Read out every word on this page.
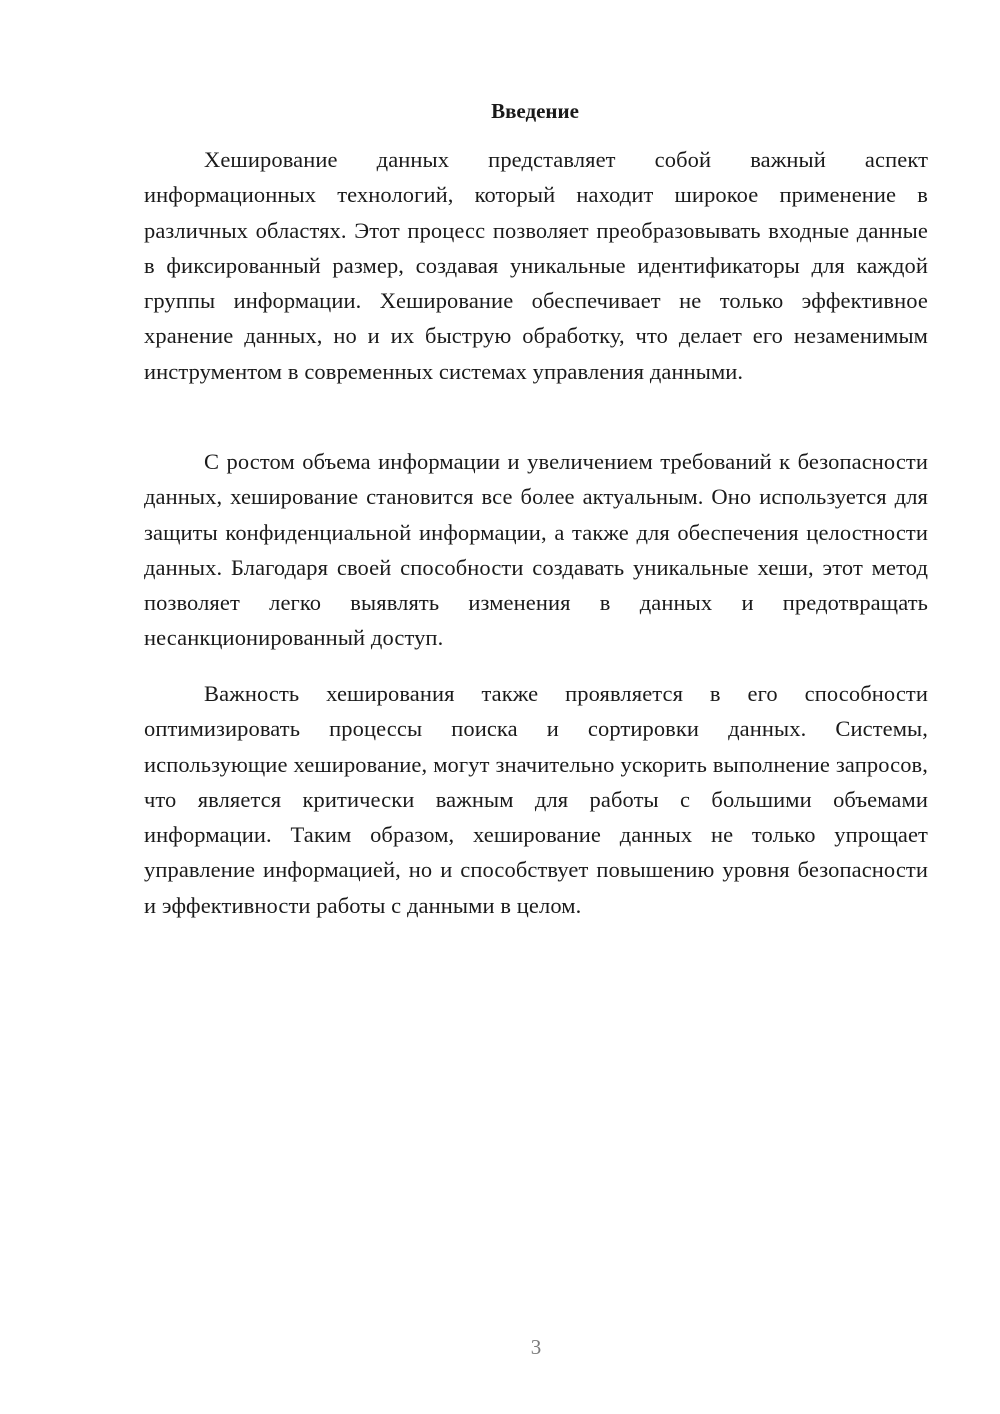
Введение

Хеширование данных представляет собой важный аспект информационных технологий, который находит широкое применение в различных областях. Этот процесс позволяет преобразовывать входные данные в фиксированный размер, создавая уникальные идентификаторы для каждой группы информации. Хеширование обеспечивает не только эффективное хранение данных, но и их быструю обработку, что делает его незаменимым инструментом в современных системах управления данными.

С ростом объема информации и увеличением требований к безопасности данных, хеширование становится все более актуальным. Оно используется для защиты конфиденциальной информации, а также для обеспечения целостности данных. Благодаря своей способности создавать уникальные хеши, этот метод позволяет легко выявлять изменения в данных и предотвращать несанкционированный доступ.

Важность хеширования также проявляется в его способности оптимизировать процессы поиска и сортировки данных. Системы, использующие хеширование, могут значительно ускорить выполнение запросов, что является критически важным для работы с большими объемами информации. Таким образом, хеширование данных не только упрощает управление информацией, но и способствует повышению уровня безопасности и эффективности работы с данными в целом.

3
